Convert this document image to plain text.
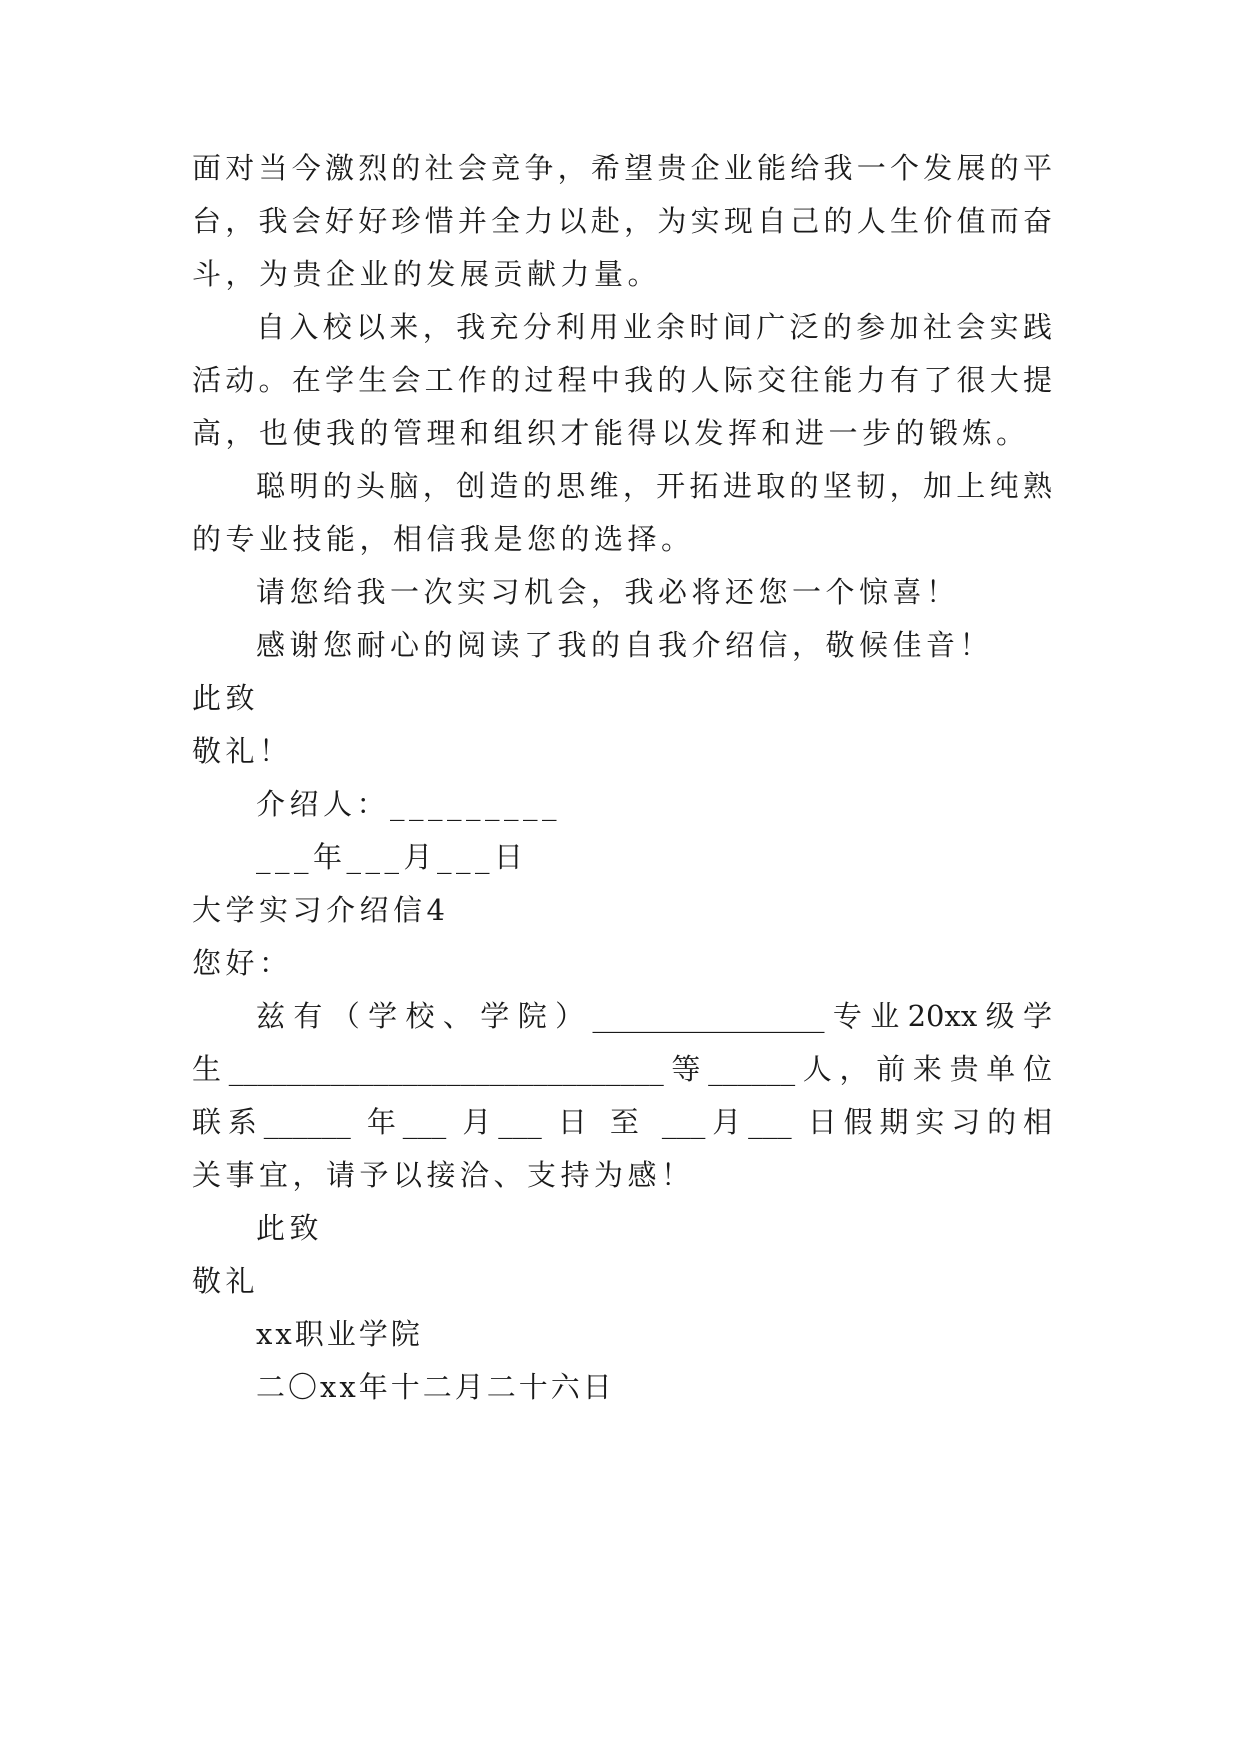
面对当今激烈的社会竞争，希望贵企业能给我一个发展的平
台，我会好好珍惜并全力以赴，为实现自己的人生价值而奋
斗，为贵企业的发展贡献力量。
自入校以来，我充分利用业余时间广泛的参加社会实践
活动。在学生会工作的过程中我的人际交往能力有了很大提
高，也使我的管理和组织才能得以发挥和进一步的锻炼。
聪明的头脑，创造的思维，开拓进取的坚韧，加上纯熟
的专业技能，相信我是您的选择。
请您给我一次实习机会，我必将还您一个惊喜！
感谢您耐心的阅读了我的自我介绍信，敬候佳音！
此致
敬礼！
介绍人：_________
___年___月___日
大学实习介绍信4
您好：
兹有（学校、学院）________________专业20xx级学
生______________________________等______人，前来贵单位
联系______ 年___ 月___ 日 至 ___月___ 日假期实习的相
关事宜，请予以接洽、支持为感！
此致
敬礼
xx职业学院
二〇xx年十二月二十六日
